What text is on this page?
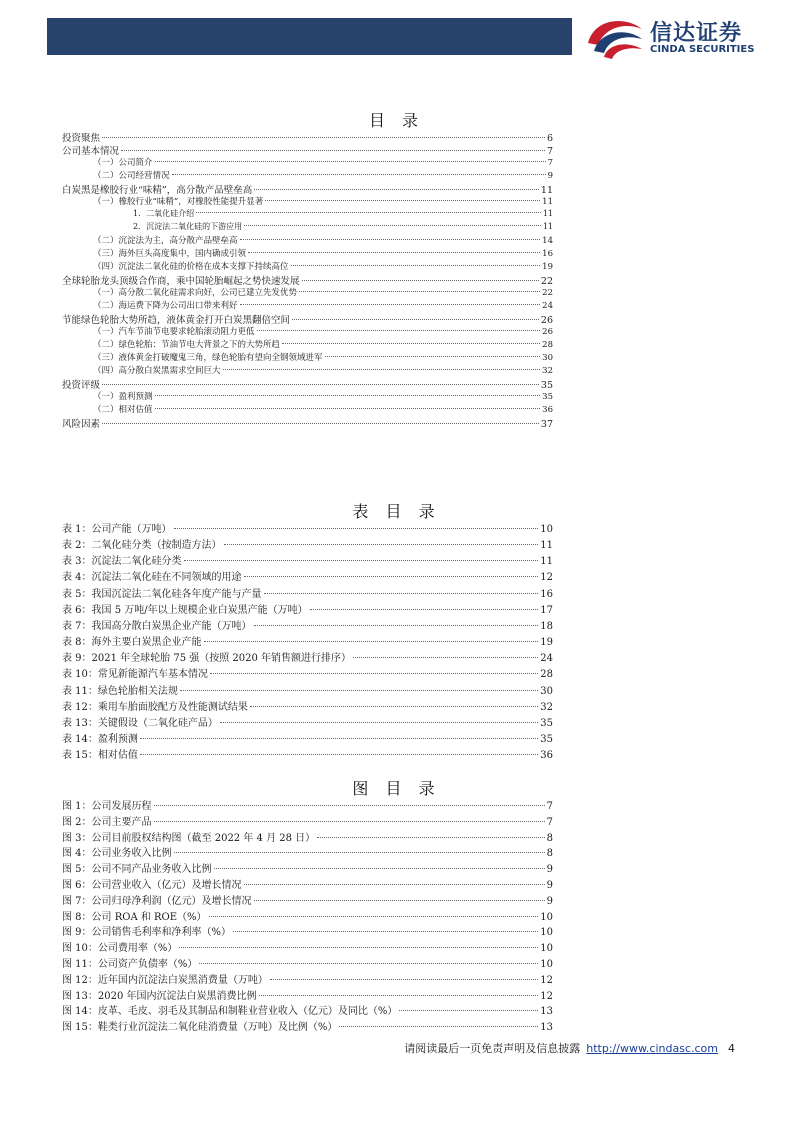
信达证券
CINDA SECURITIES
目 录
投资聚焦	6
公司基本情况	7
（一）公司简介	7
（二）公司经营情况	9
白炭黑是橡胶行业“味精”，高分散产品壁垒高	11
（一）橡胶行业“味精”，对橡胶性能提升显著	11
1．二氧化硅介绍	11
2．沉淀法二氧化硅的下游应用	11
（二）沉淀法为主，高分散产品壁垒高	14
（三）海外巨头高度集中，国内确成引领	16
（四）沉淀法二氧化硅的价格在成本支撑下持续高位	19
全球轮胎龙头顶级合作商，乘中国轮胎崛起之势快速发展	22
（一）高分散二氧化硅需求向好，公司已建立先发优势	22
（二）海运费下降为公司出口带来利好	24
节能绿色轮胎大势所趋，液体黄金打开白炭黑翻倍空间	26
（一）汽车节油节电要求轮胎滚动阻力更低	26
（二）绿色轮胎：节油节电大背景之下的大势所趋	28
（三）液体黄金打破魔鬼三角，绿色轮胎有望向全钢领域进军	30
（四）高分散白炭黑需求空间巨大	32
投资评级	35
（一）盈利预测	35
（二）相对估值	36
风险因素	37
表 目 录
表 1：公司产能（万吨）	10
表 2：二氧化硅分类（按制造方法）	11
表 3：沉淀法二氧化硅分类	11
表 4：沉淀法二氧化硅在不同领域的用途	12
表 5：我国沉淀法二氧化硅各年度产能与产量	16
表 6：我国 5 万吨/年以上规模企业白炭黑产能（万吨）	17
表 7：我国高分散白炭黑企业产能（万吨）	18
表 8：海外主要白炭黑企业产能	19
表 9：2021 年全球轮胎 75 强（按照 2020 年销售额进行排序）	24
表 10：常见新能源汽车基本情况	28
表 11：绿色轮胎相关法规	30
表 12：乘用车胎面胶配方及性能测试结果	32
表 13：关键假设（二氧化硅产品）	35
表 14：盈利预测	35
表 15：相对估值	36
图 目 录
图 1：公司发展历程	7
图 2：公司主要产品	7
图 3：公司目前股权结构图（截至 2022 年 4 月 28 日）	8
图 4：公司业务收入比例	8
图 5：公司不同产品业务收入比例	9
图 6：公司营业收入（亿元）及增长情况	9
图 7：公司归母净利润（亿元）及增长情况	9
图 8：公司 ROA 和 ROE（%）	10
图 9：公司销售毛利率和净利率（%）	10
图 10：公司费用率（%）	10
图 11：公司资产负债率（%）	10
图 12：近年国内沉淀法白炭黑消费量（万吨）	12
图 13：2020 年国内沉淀法白炭黑消费比例	12
图 14：皮革、毛皮、羽毛及其制品和制鞋业营业收入（亿元）及同比（%）	13
图 15：鞋类行业沉淀法二氧化硅消费量（万吨）及比例（%）	13
请阅读最后一页免责声明及信息披露 http://www.cindasc.com 4
